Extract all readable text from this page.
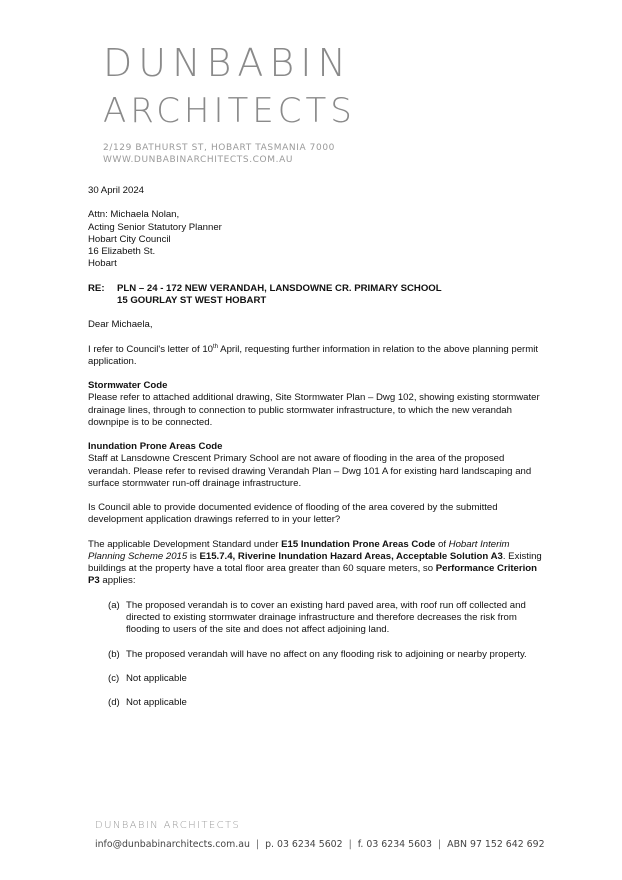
DUNBABIN
ARCHITECTS
2/129 BATHURST ST, HOBART TASMANIA 7000
WWW.DUNBABINARCHITECTS.COM.AU

30 April 2024

Attn: Michaela Nolan,

Acting Senior Statutory Planner

Hobart City Council

16 Elizabeth St.

Hobart

RE:	PLN – 24 - 172 NEW VERANDAH, LANSDOWNE CR. PRIMARY SCHOOL
15 GOURLAY ST WEST HOBART

Dear Michaela,

I refer to Council's letter of 10th April, requesting further information in relation to the above planning permit application.

Stormwater Code

Please refer to attached additional drawing, Site Stormwater Plan – Dwg 102, showing existing stormwater drainage lines, through to connection to public stormwater infrastructure, to which the new verandah downpipe is to be connected.

Inundation Prone Areas Code

Staff at Lansdowne Crescent Primary School are not aware of flooding in the area of the proposed verandah. Please refer to revised drawing Verandah Plan – Dwg 101 A for existing hard landscaping and surface stormwater run-off drainage infrastructure.

Is Council able to provide documented evidence of flooding of the area covered by the submitted development application drawings referred to in your letter?

The applicable Development Standard under E15 Inundation Prone Areas Code of Hobart Interim Planning Scheme 2015 is E15.7.4, Riverine Inundation Hazard Areas, Acceptable Solution A3. Existing buildings at the property have a total floor area greater than 60 square meters, so Performance Criterion P3 applies:

(a) The proposed verandah is to cover an existing hard paved area, with roof run off collected and directed to existing stormwater drainage infrastructure and therefore decreases the risk from flooding to users of the site and does not affect adjoining land.
(b) The proposed verandah will have no affect on any flooding risk to adjoining or nearby property.
(c) Not applicable
(d) Not applicable
DUNBABIN ARCHITECTS
info@dunbabinarchitects.com.au | p. 03 6234 5602 | f. 03 6234 5603 | ABN 97 152 642 692
